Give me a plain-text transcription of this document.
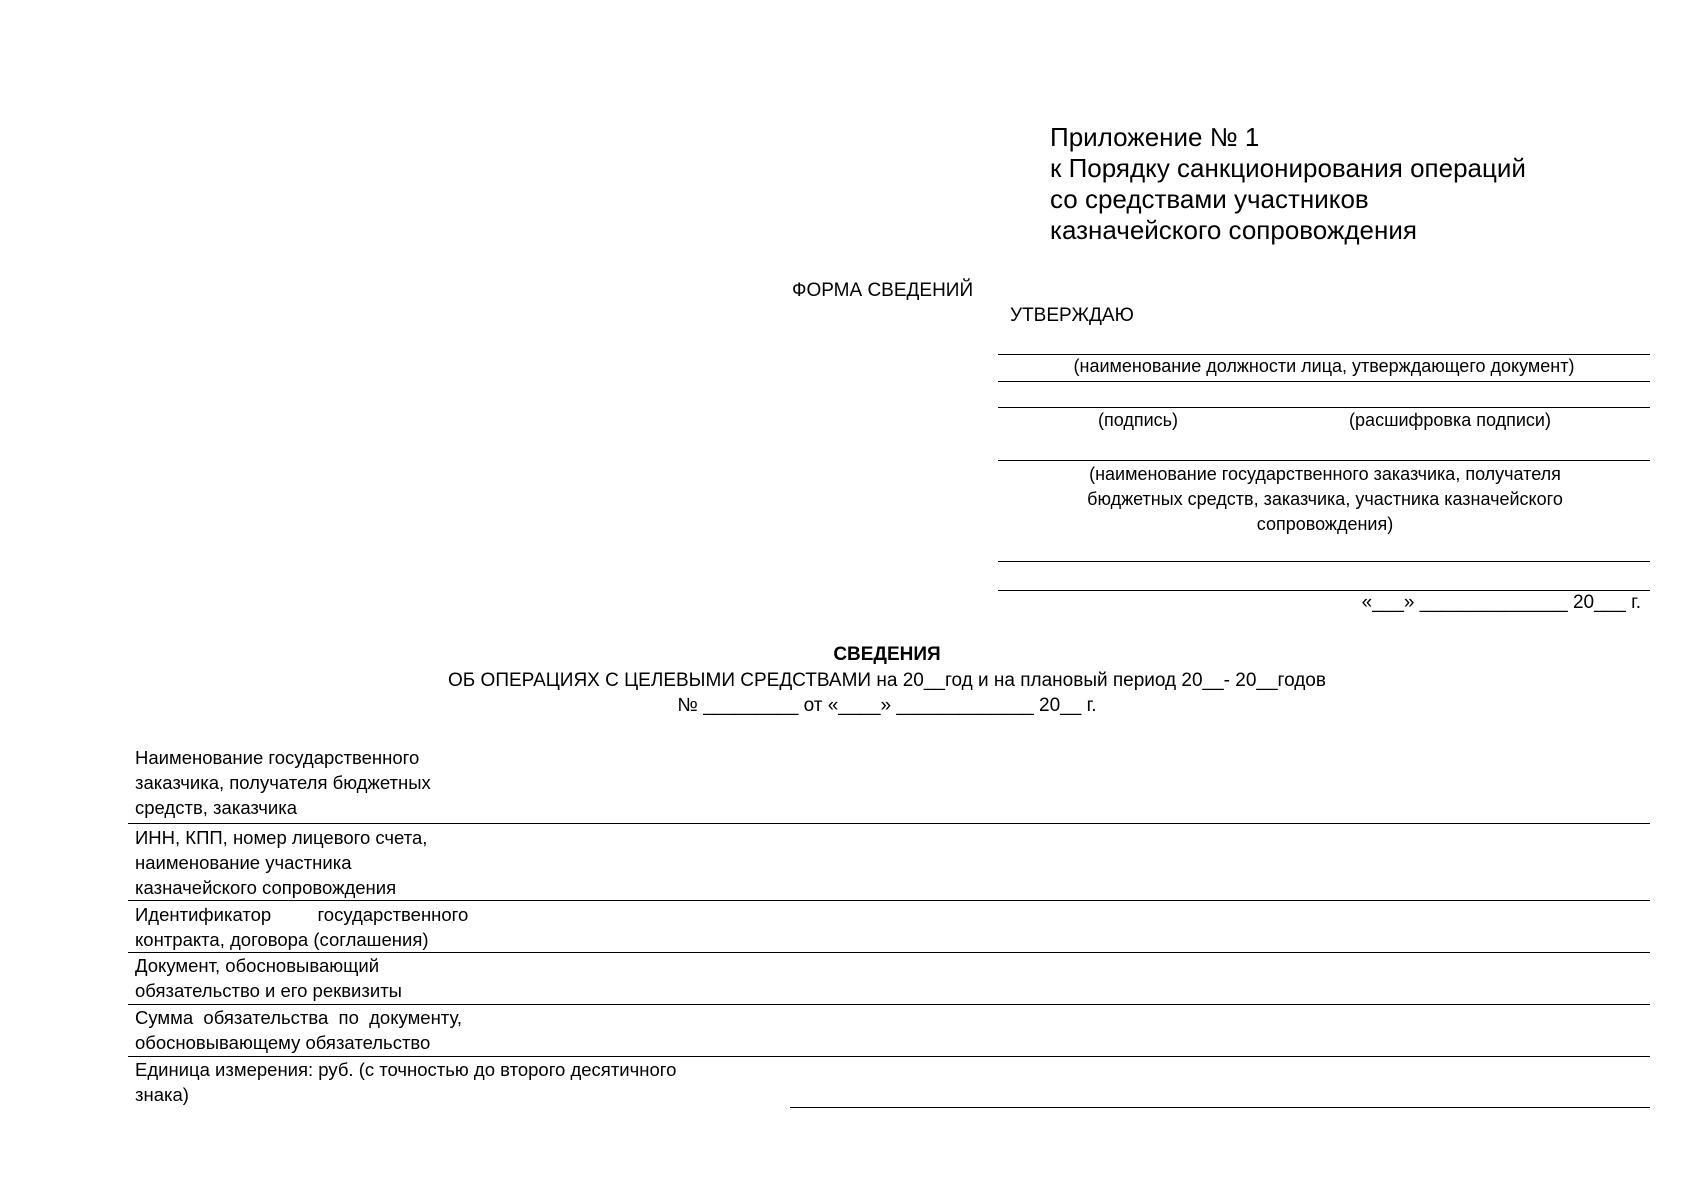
Приложение № 1
к Порядку санкционирования операций
со средствами участников
казначейского сопровождения
ФОРМА СВЕДЕНИЙ
УТВЕРЖДАЮ
(наименование должности лица, утверждающего документ)
(подпись)	(расшифровка подписи)
(наименование государственного заказчика, получателя
бюджетных средств, заказчика, участника казначейского
сопровождения)
«___» ______________ 20___ г.
СВЕДЕНИЯ
ОБ ОПЕРАЦИЯХ С ЦЕЛЕВЫМИ СРЕДСТВАМИ на 20__год и на плановый период 20__- 20__годов
№ _________ от «____» _____________ 20__ г.
Наименование государственного
заказчика, получателя бюджетных
средств, заказчика
ИНН, КПП, номер лицевого счета,
наименование участника
казначейского сопровождения
Идентификатор         государственного
контракта, договора (соглашения)
Документ, обосновывающий
обязательство и его реквизиты
Сумма  обязательства  по  документу,
обосновывающему обязательство
Единица измерения: руб. (с точностью до второго десятичного
знака)
